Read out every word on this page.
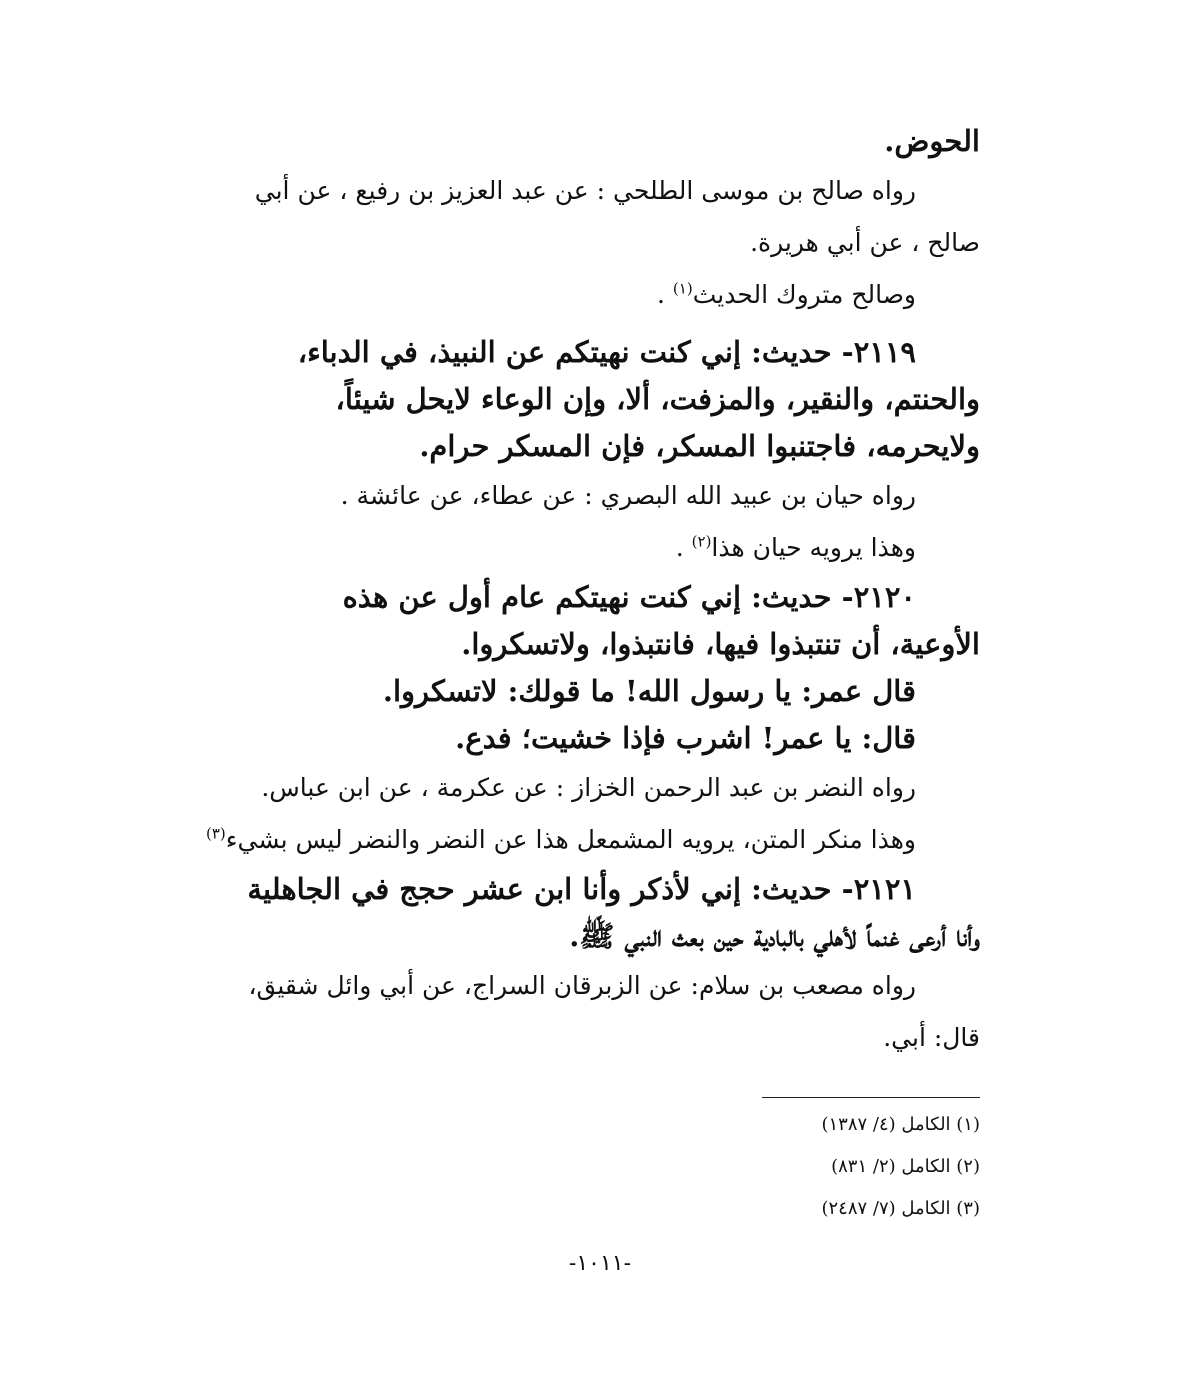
الحوض.
رواه صالح بن موسى الطلحي : عن عبد العزيز بن رفيع ، عن أبي
صالح ، عن أبي هريرة.
وصالح متروك الحديث$^{(١)}$ .
٢١١٩- حديث: إني كنت نهيتكم عن النبيذ، في الدباء،
والحنتم، والنقير، والمزفت، ألا، وإن الوعاء لايحل شيئاً،
ولايحرمه، فاجتنبوا المسكر، فإن المسكر حرام.
رواه حيان بن عبيد الله البصري : عن عطاء، عن عائشة .
وهذا يرويه حيان هذا$^{(٢)}$ .
٢١٢٠- حديث: إني كنت نهيتكم عام أول عن هذه
الأوعية، أن تنتبذوا فيها، فانتبذوا، ولاتسكروا.
قال عمر: يا رسول الله! ما قولك: لاتسكروا.
قال: يا عمر! اشرب فإذا خشيت؛ فدع.
رواه النضر بن عبد الرحمن الخزاز : عن عكرمة ، عن ابن عباس.
وهذا منكر المتن، يرويه المشمعل هذا عن النضر والنضر ليس بشيء$^{(٣)}$
٢١٢١- حديث: إني لأذكر وأنا ابن عشر حجج في الجاهلية
وأنا أرعى غنماً لأهلي بالبادية حين بعث النبي ﷺ.
رواه مصعب بن سلام: عن الزبرقان السراج، عن أبي وائل شقيق،
قال: أبي.
(١) الكامل (٤/ ١٣٨٧)
(٢) الكامل (٢/ ٨٣١)
(٣) الكامل (٧/ ٢٤٨٧)
-١٠١١-
